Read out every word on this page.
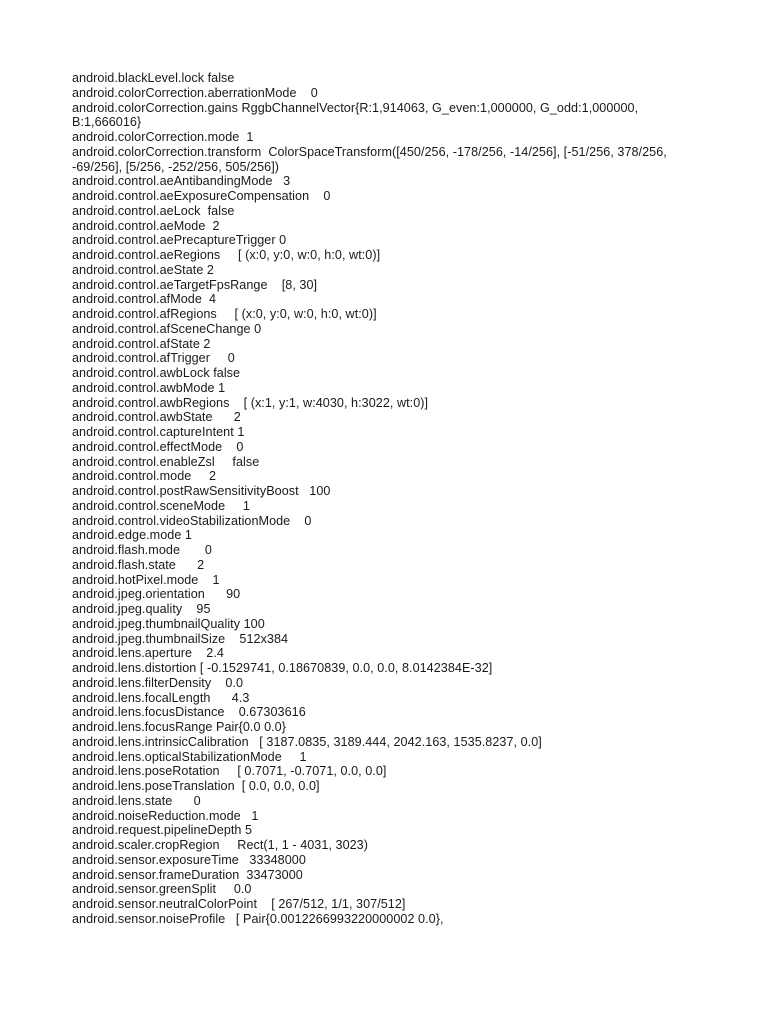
android.blackLevel.lock false
android.colorCorrection.aberrationMode    0
android.colorCorrection.gains RggbChannelVector{R:1,914063, G_even:1,000000, G_odd:1,000000, B:1,666016}
android.colorCorrection.mode  1
android.colorCorrection.transform  ColorSpaceTransform([450/256, -178/256, -14/256], [-51/256, 378/256, -69/256], [5/256, -252/256, 505/256])
android.control.aeAntibandingMode   3
android.control.aeExposureCompensation    0
android.control.aeLock  false
android.control.aeMode  2
android.control.aePrecaptureTrigger 0
android.control.aeRegions     [ (x:0, y:0, w:0, h:0, wt:0)]
android.control.aeState 2
android.control.aeTargetFpsRange    [8, 30]
android.control.afMode  4
android.control.afRegions     [ (x:0, y:0, w:0, h:0, wt:0)]
android.control.afSceneChange 0
android.control.afState 2
android.control.afTrigger     0
android.control.awbLock false
android.control.awbMode 1
android.control.awbRegions    [ (x:1, y:1, w:4030, h:3022, wt:0)]
android.control.awbState      2
android.control.captureIntent 1
android.control.effectMode    0
android.control.enableZsl     false
android.control.mode     2
android.control.postRawSensitivityBoost   100
android.control.sceneMode     1
android.control.videoStabilizationMode    0
android.edge.mode 1
android.flash.mode       0
android.flash.state      2
android.hotPixel.mode    1
android.jpeg.orientation      90
android.jpeg.quality    95
android.jpeg.thumbnailQuality 100
android.jpeg.thumbnailSize    512x384
android.lens.aperture    2.4
android.lens.distortion [ -0.1529741, 0.18670839, 0.0, 0.0, 8.0142384E-32]
android.lens.filterDensity    0.0
android.lens.focalLength      4.3
android.lens.focusDistance    0.67303616
android.lens.focusRange Pair{0.0 0.0}
android.lens.intrinsicCalibration   [ 3187.0835, 3189.444, 2042.163, 1535.8237, 0.0]
android.lens.opticalStabilizationMode     1
android.lens.poseRotation     [ 0.7071, -0.7071, 0.0, 0.0]
android.lens.poseTranslation  [ 0.0, 0.0, 0.0]
android.lens.state      0
android.noiseReduction.mode   1
android.request.pipelineDepth 5
android.scaler.cropRegion     Rect(1, 1 - 4031, 3023)
android.sensor.exposureTime   33348000
android.sensor.frameDuration  33473000
android.sensor.greenSplit     0.0
android.sensor.neutralColorPoint    [ 267/512, 1/1, 307/512]
android.sensor.noiseProfile   [ Pair{0.0012266993220000002 0.0},
